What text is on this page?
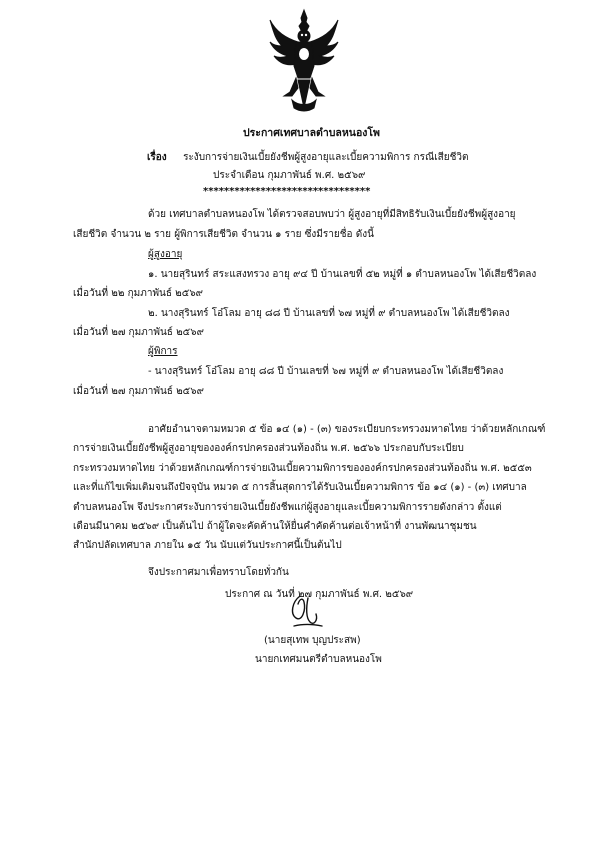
ประกาศเทศบาลตำบลหนองโพ
เรื่อง ระงับการจ่ายเงินเบี้ยยังชีพผู้สูงอายุและเบี้ยความพิการ กรณีเสียชีวิต
ประจำเดือน กุมภาพันธ์ พ.ศ. ๒๕๖๙
********************************
ด้วย เทศบาลตำบลหนองโพ ได้ตรวจสอบพบว่า ผู้สูงอายุที่มีสิทธิรับเงินเบี้ยยังชีพผู้สูงอายุ
เสียชีวิต จำนวน ๒ ราย ผู้พิการเสียชีวิต จำนวน ๑ ราย ซึ่งมีรายชื่อ ดังนี้
ผู้สูงอายุ
๑. นายสุรินทร์ สระแสงทรวง อายุ ๙๔ ปี บ้านเลขที่ ๕๒ หมู่ที่ ๑ ตำบลหนองโพ ได้เสียชีวิตลง
เมื่อวันที่ ๒๒ กุมภาพันธ์ ๒๕๖๙
๒. นางสุรินทร์ โอ๋โลม อายุ ๘๘ ปี บ้านเลขที่ ๖๗ หมู่ที่ ๙ ตำบลหนองโพ ได้เสียชีวิตลง
เมื่อวันที่ ๒๗ กุมภาพันธ์ ๒๕๖๙
ผู้พิการ
- นางสุรินทร์ โอ๋โลม อายุ ๘๘ ปี บ้านเลขที่ ๖๗ หมู่ที่ ๙ ตำบลหนองโพ ได้เสียชีวิตลง
เมื่อวันที่ ๒๗ กุมภาพันธ์ ๒๕๖๙
อาศัยอำนาจตามหมวด ๕ ข้อ ๑๔ (๑) - (๓) ของระเบียบกระทรวงมหาดไทย ว่าด้วยหลักเกณฑ์
การจ่ายเงินเบี้ยยังชีพผู้สูงอายุขององค์กรปกครองส่วนท้องถิ่น พ.ศ. ๒๕๖๖ ประกอบกับระเบียบ
กระทรวงมหาดไทย ว่าด้วยหลักเกณฑ์การจ่ายเงินเบี้ยความพิการขององค์กรปกครองส่วนท้องถิ่น พ.ศ. ๒๕๕๓
และที่แก้ไขเพิ่มเติมจนถึงปัจจุบัน หมวด ๕ การสิ้นสุดการได้รับเงินเบี้ยความพิการ ข้อ ๑๔ (๑) - (๓) เทศบาล
ตำบลหนองโพ จึงประกาศระงับการจ่ายเงินเบี้ยยังชีพแก่ผู้สูงอายุและเบี้ยความพิการรายดังกล่าว ตั้งแต่
เดือนมีนาคม ๒๕๖๙ เป็นต้นไป ถ้าผู้ใดจะคัดค้านให้ยื่นคำคัดค้านต่อเจ้าหน้าที่ งานพัฒนาชุมชน
สำนักปลัดเทศบาล ภายใน ๑๕ วัน นับแต่วันประกาศนี้เป็นต้นไป
จึงประกาศมาเพื่อทราบโดยทั่วกัน
ประกาศ ณ วันที่ ๒๗ กุมภาพันธ์ พ.ศ. ๒๕๖๙
(นายสุเทพ บุญประสพ)
นายกเทศมนตรีตำบลหนองโพ
